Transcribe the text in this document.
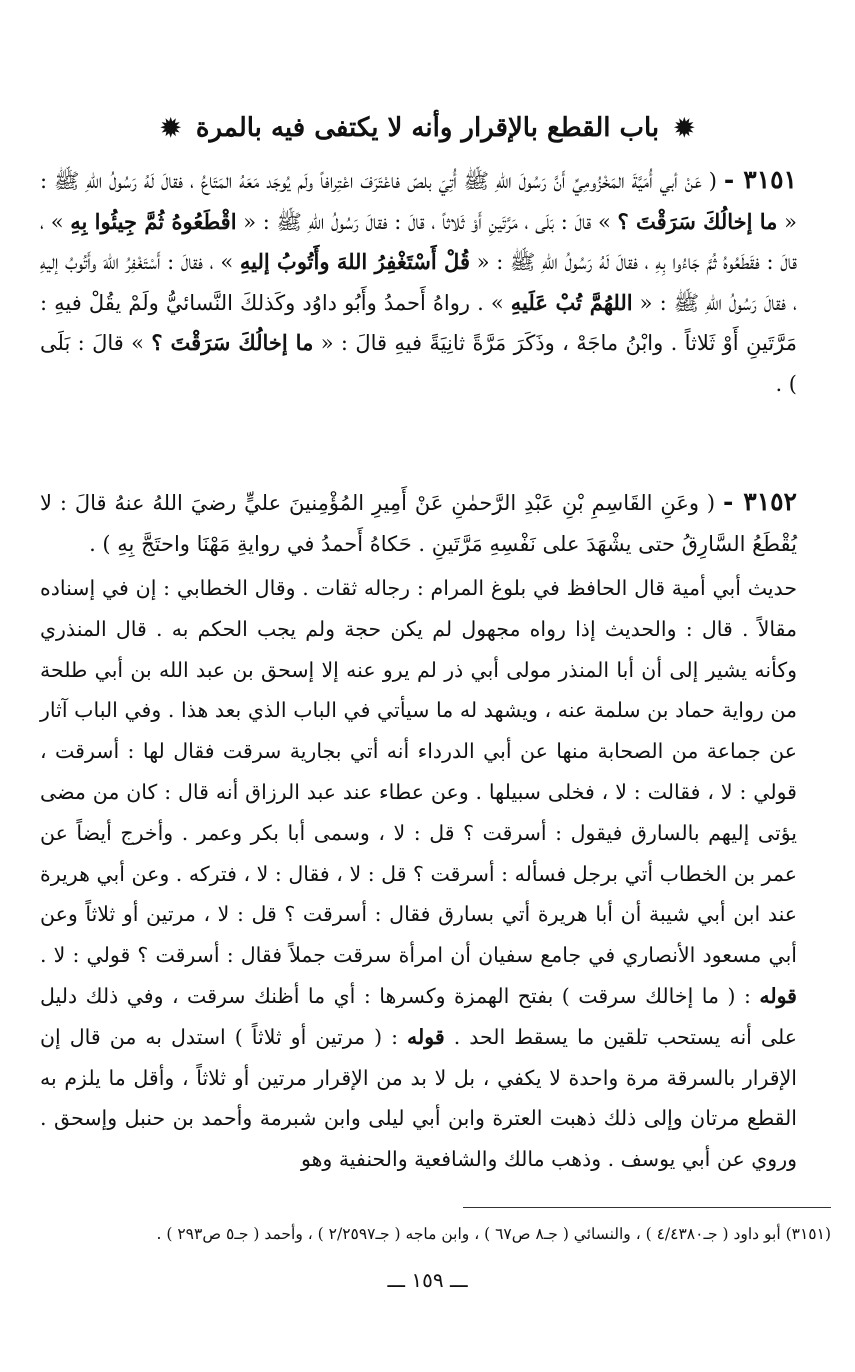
✹ باب القطع بالإقرار وأنه لا يكتفى فيه بالمرة ✹
٣١٥١ - ( عَنْ أبي أُمَيَّةَ المَخْزُومِيِّ أَنَّ رَسُولَ اللهِ ﷺ أُتِيَ بلصّ فاعْتَرَفَ اعْتِرافاً ولَم يُوجَد مَعَهُ المَتَاعُ ، فقالَ لَهُ رَسُولُ اللهِ ﷺ : « ما إخالُكَ سَرَقْتَ ؟ » قالَ : بَلَى ، مَرَّتَينِ أَوْ ثَلاثاً ، قالَ : فقالَ رَسُولُ اللهِ ﷺ : « اقْطَعُوهُ ثُمَّ جِيئُوا بِهِ » ، قالَ : فقَطَعُوهُ ثُمَّ جَاءُوا بِهِ ، فقالَ لَهُ رَسُولُ اللهِ ﷺ : « قُلْ أَسْتَغْفِرُ اللهَ وأَتُوبُ إليهِ » ، فقالَ : أَسْتَغْفِرُ اللهَ وأَتُوبُ إليهِ ، فقالَ رَسُولُ اللهِ ﷺ : « اللهُمَّ تُبْ عَلَيهِ » . رواهُ أَحمدُ وأَبُو داوُد وكَذلكَ النَّسائيُّ ولَمْ يقُلْ فيهِ : مَرَّتَينِ أَوْ ثَلاثاً . وابْنُ ماجَهْ ، وذَكَرَ مَرَّةً ثانِيَةً فيهِ قالَ : « ما إخالُكَ سَرَقْتَ ؟ » قالَ : بَلَى ) .
٣١٥٢ - ( وعَنِ القَاسِمِ بْنِ عَبْدِ الرَّحمٰنِ عَنْ أَمِيرِ المُؤْمِنينَ عليٍّ رضيَ اللهُ عنهُ قالَ : لا يُقْطَعُ السَّارِقُ حتى يشْهَدَ على نَفْسِهِ مَرَّتَينِ . حَكاهُ أَحمدُ في روايةِ مَهْنَا واحتَجَّ بِهِ ) .
حديث أبي أمية قال الحافظ في بلوغ المرام : رجاله ثقات . وقال الخطابي : إن في إسناده مقالاً . قال : والحديث إذا رواه مجهول لم يكن حجة ولم يجب الحكم به . قال المنذري وكأنه يشير إلى أن أبا المنذر مولى أبي ذر لم يرو عنه إلا إسحق بن عبد الله بن أبي طلحة من رواية حماد بن سلمة عنه ، ويشهد له ما سيأتي في الباب الذي بعد هذا . وفي الباب آثار عن جماعة من الصحابة منها عن أبي الدرداء أنه أتي بجارية سرقت فقال لها : أسرقت ، قولي : لا ، فقالت : لا ، فخلى سبيلها . وعن عطاء عند عبد الرزاق أنه قال : كان من مضى يؤتى إليهم بالسارق فيقول : أسرقت ؟ قل : لا ، وسمى أبا بكر وعمر . وأخرج أيضاً عن عمر بن الخطاب أتي برجل فسأله : أسرقت ؟ قل : لا ، فقال : لا ، فتركه . وعن أبي هريرة عند ابن أبي شيبة أن أبا هريرة أتي بسارق فقال : أسرقت ؟ قل : لا ، مرتين أو ثلاثاً وعن أبي مسعود الأنصاري في جامع سفيان أن امرأة سرقت جملاً فقال : أسرقت ؟ قولي : لا . قوله : ( ما إخالك سرقت ) بفتح الهمزة وكسرها : أي ما أظنك سرقت ، وفي ذلك دليل على أنه يستحب تلقين ما يسقط الحد . قوله : ( مرتين أو ثلاثاً ) استدل به من قال إن الإقرار بالسرقة مرة واحدة لا يكفي ، بل لا بد من الإقرار مرتين أو ثلاثاً ، وأقل ما يلزم به القطع مرتان وإلى ذلك ذهبت العترة وابن أبي ليلى وابن شبرمة وأحمد بن حنبل وإسحق . وروي عن أبي يوسف . وذهب مالك والشافعية والحنفية وهو
(٣١٥١) أبو داود ( جـ٤/٤٣٨٠ ) ، والنسائي ( جـ٨ ص٦٧ ) ، وابن ماجه ( جـ٢/٢٥٩٧ ) ، وأحمد ( جـ٥ ص٢٩٣ ) .
ـــ ١٥٩ ـــ
